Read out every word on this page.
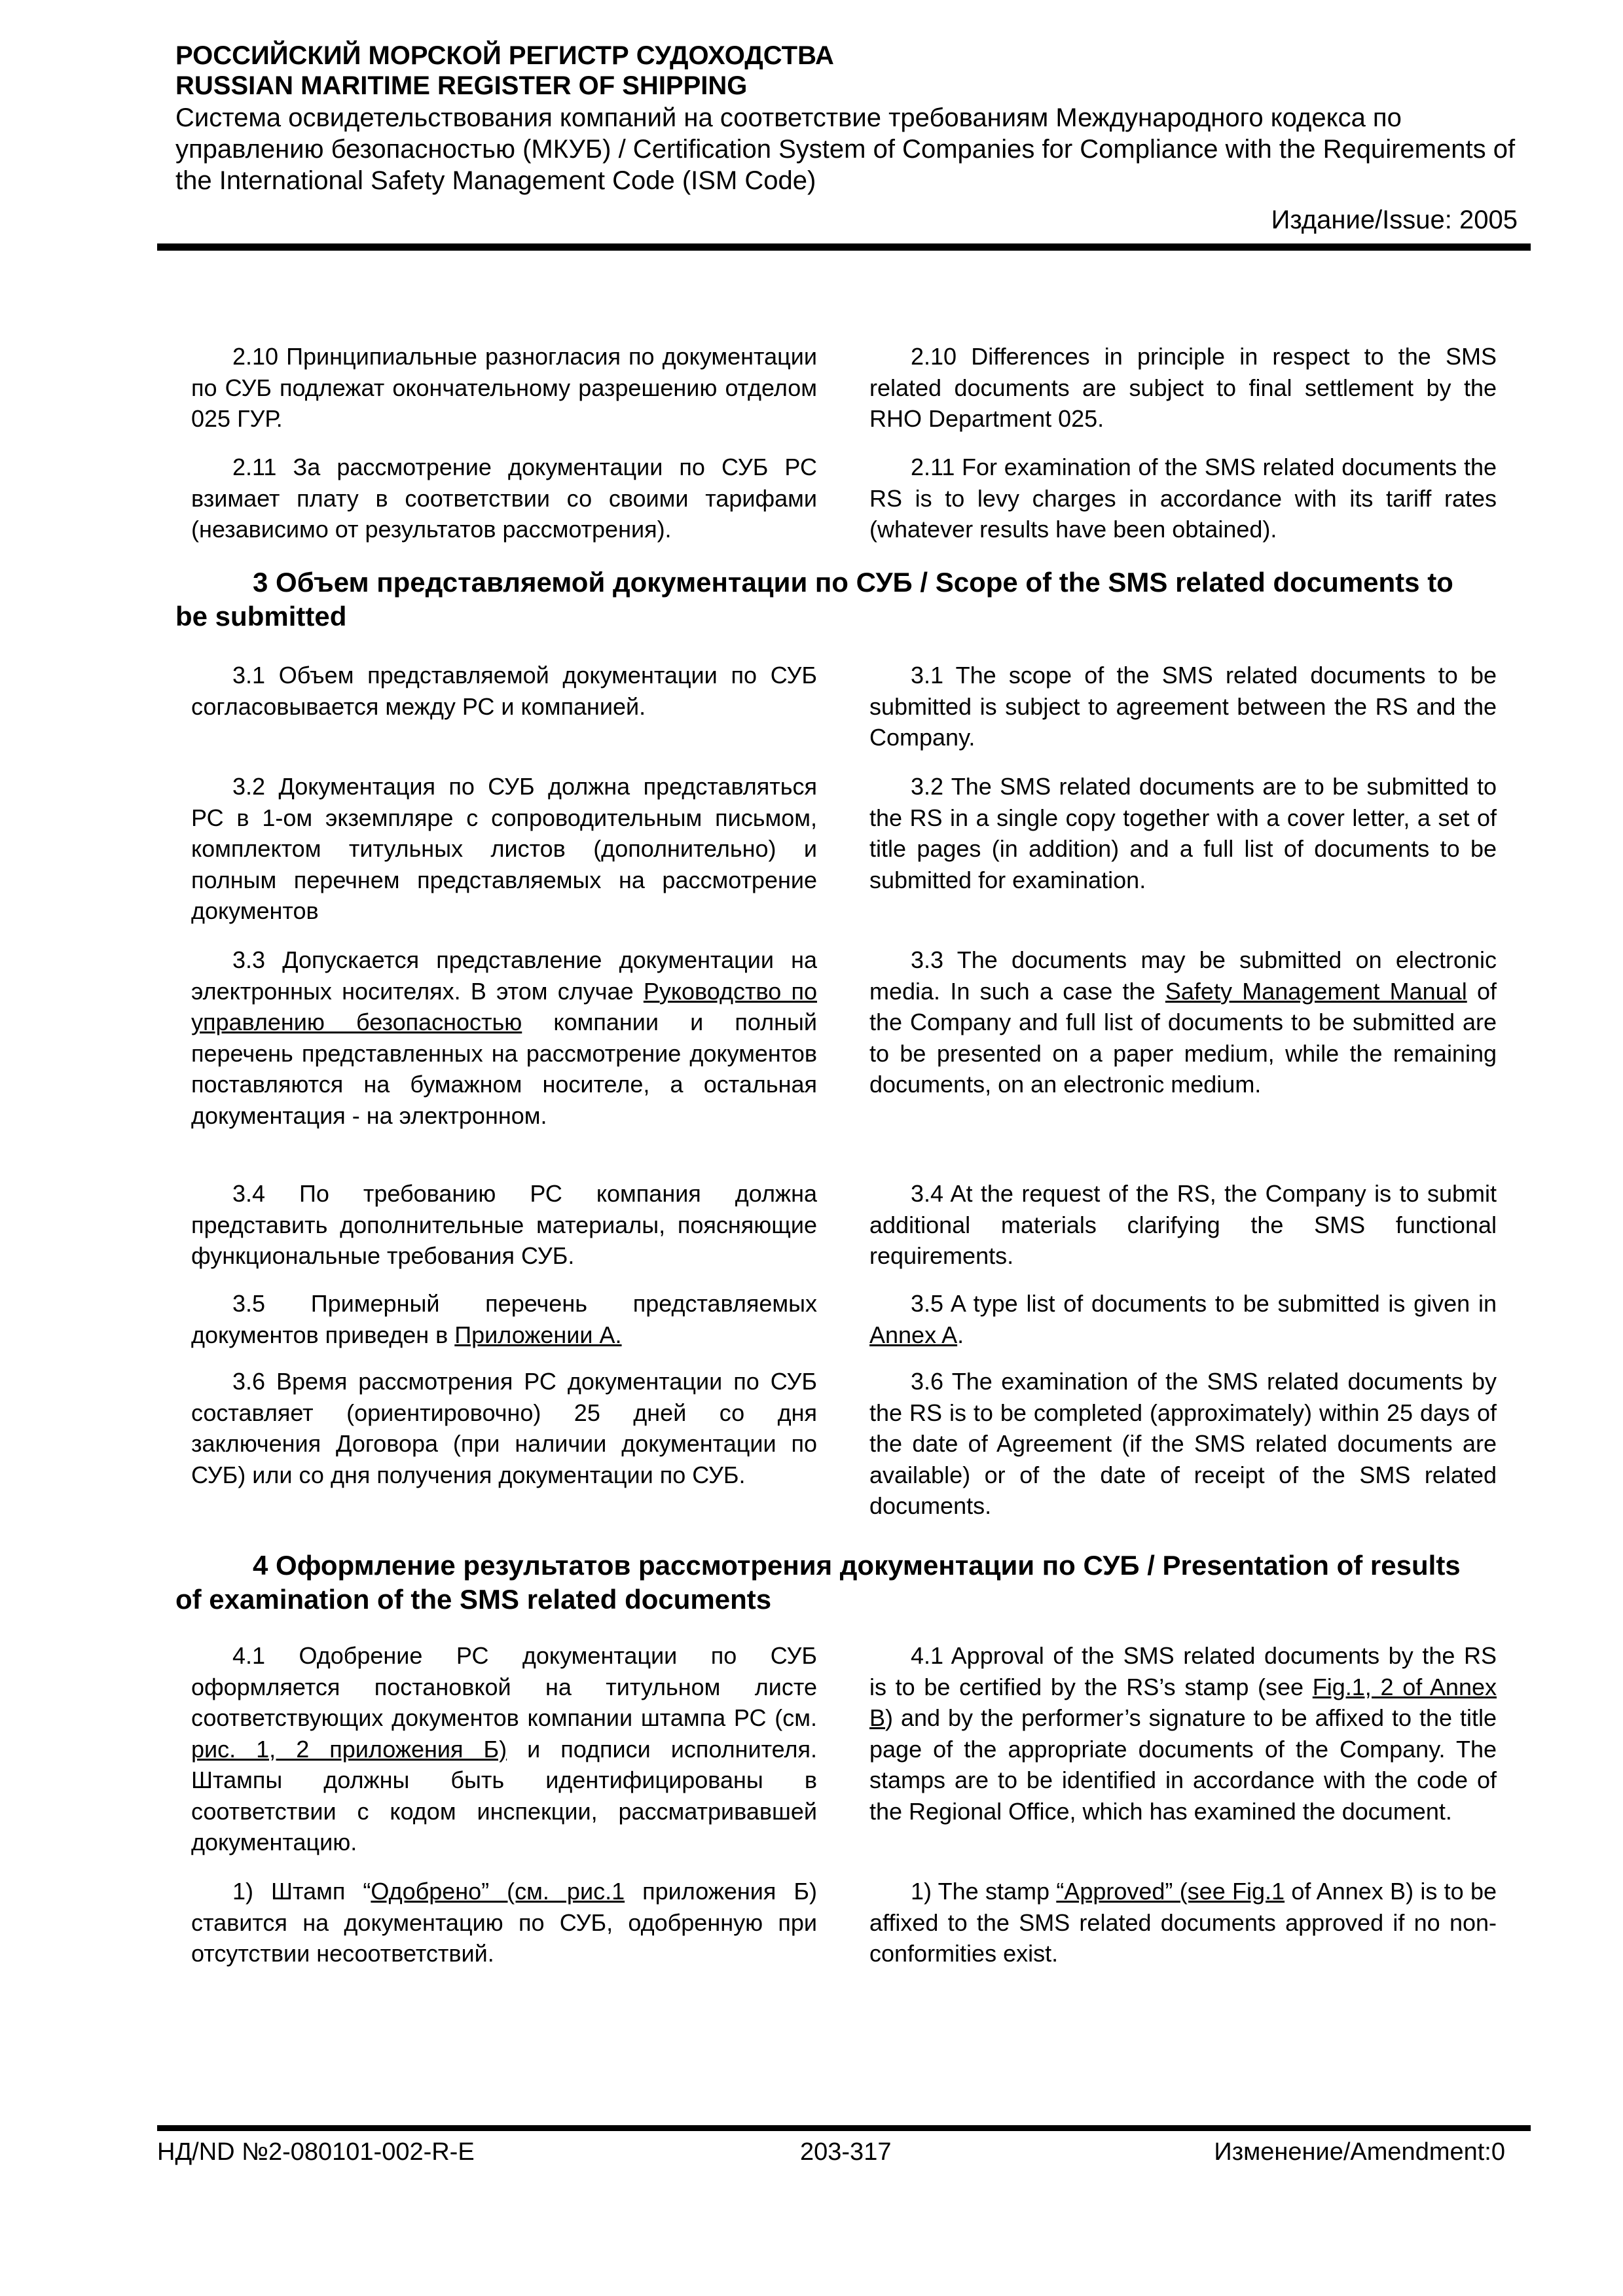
РОССИЙСКИЙ МОРСКОЙ РЕГИСТР СУДОХОДСТВА
RUSSIAN MARITIME REGISTER OF SHIPPING
Система освидетельствования компаний на соответствие требованиям Международного кодекса по управлению безопасностью (МКУБ) / Certification System of Companies for Compliance with the Requirements of the International Safety Management Code (ISM Code)
Издание/Issue: 2005

2.10 Принципиальные разногласия по документации по СУБ подлежат окончательному разрешению отделом 025 ГУР.

2.10 Differences in principle in respect to the SMS related documents are subject to final settlement by the RHO Department 025.

2.11 За рассмотрение документации по СУБ РС взимает плату в соответствии со своими тарифами (независимо от результатов рассмотрения).

2.11 For examination of the SMS related documents the RS is to levy charges in accordance with its tariff rates (whatever results have been obtained).

3 Объем представляемой документации по СУБ / Scope of the SMS related documents to be submitted

3.1 Объем представляемой документации по СУБ согласовывается между РС и компанией.

3.1 The scope of the SMS related documents to be submitted is subject to agreement between the RS and the Company.

3.2 Документация по СУБ должна представляться РС в 1-ом экземпляре с сопроводительным письмом, комплектом титульных листов (дополнительно) и полным перечнем представляемых на рассмотрение документов

3.2 The SMS related documents are to be submitted to the RS in a single copy together with a cover letter, a set of title pages (in addition) and a full list of documents to be submitted for examination.

3.3 Допускается представление документации на электронных носителях. В этом случае Руководство по управлению безопасностью компании и полный перечень представленных на рассмотрение документов поставляются на бумажном носителе, а остальная документация - на электронном.

3.3 The documents may be submitted on electronic media. In such a case the Safety Management Manual of the Company and full list of documents to be submitted are to be presented on a paper medium, while the remaining documents, on an electronic medium.

3.4 По требованию РС компания должна представить дополнительные материалы, поясняющие функциональные требования СУБ.

3.4 At the request of the RS, the Company is to submit additional materials clarifying the SMS functional requirements.

3.5 Примерный перечень представляемых документов приведен в Приложении А.

3.5 A type list of documents to be submitted is given in Annex A.

3.6 Время рассмотрения РС документации по СУБ составляет (ориентировочно) 25 дней со дня заключения Договора (при наличии документации по СУБ) или со дня получения документации по СУБ.

3.6 The examination of the SMS related documents by the RS is to be completed (approximately) within 25 days of the date of Agreement (if the SMS related documents are available) or of the date of receipt of the SMS related documents.

4 Оформление результатов рассмотрения документации по СУБ / Presentation of results of examination of the SMS related documents

4.1 Одобрение РС документации по СУБ оформляется постановкой на титульном листе соответствующих документов компании штампа РС (см. рис. 1, 2 приложения Б) и подписи исполнителя. Штампы должны быть идентифицированы в соответствии с кодом инспекции, рассматривавшей документацию.

4.1 Approval of the SMS related documents by the RS is to be certified by the RS’s stamp (see Fig.1, 2 of Annex B) and by the performer’s signature to be affixed to the title page of the appropriate documents of the Company. The stamps are to be identified in accordance with the code of the Regional Office, which has examined the document.

1) Штамп “Одобрено” (см. рис.1 приложения Б) ставится на документацию по СУБ, одобренную при отсутствии несоответствий.

1) The stamp “Approved” (see Fig.1 of Annex B) is to be affixed to the SMS related documents approved if no non-conformities exist.

НД/ND №2-080101-002-R-E	203-317	Изменение/Amendment:0
